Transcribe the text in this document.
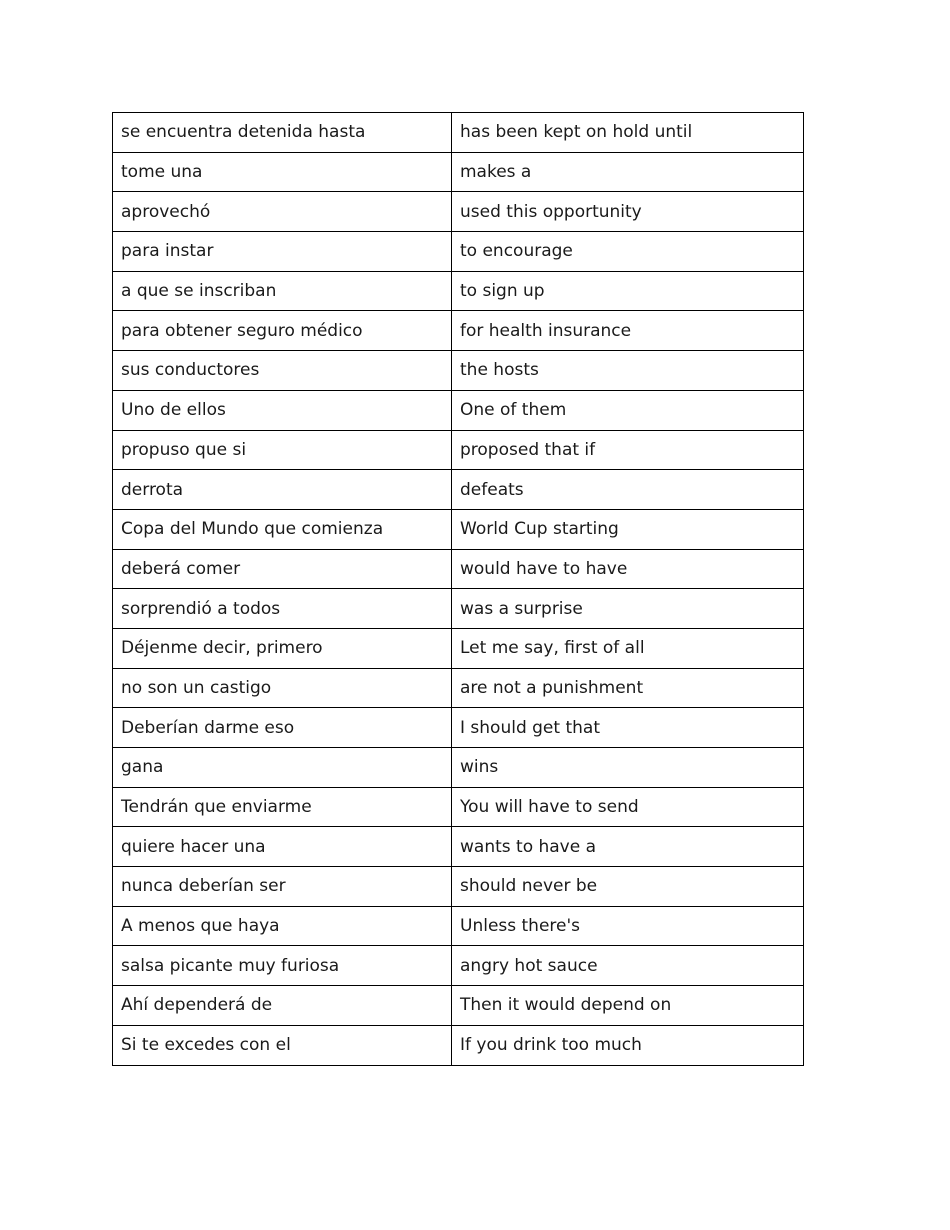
se encuentra detenida hasta	has been kept on hold until
tome una	makes a
aprovechó	used this opportunity
para instar	to encourage
a que se inscriban	to sign up
para obtener seguro médico	for health insurance
sus conductores	the hosts
Uno de ellos	One of them
propuso que si	proposed that if
derrota	defeats
Copa del Mundo que comienza	World Cup starting
deberá comer	would have to have
sorprendió a todos	was a surprise
Déjenme decir, primero	Let me say, first of all
no son un castigo	are not a punishment
Deberían darme eso	I should get that
gana	wins
Tendrán que enviarme	You will have to send
quiere hacer una	wants to have a
nunca deberían ser	should never be
A menos que haya	Unless there's
salsa picante muy furiosa	angry hot sauce
Ahí dependerá de	Then it would depend on
Si te excedes con el	If you drink too much
